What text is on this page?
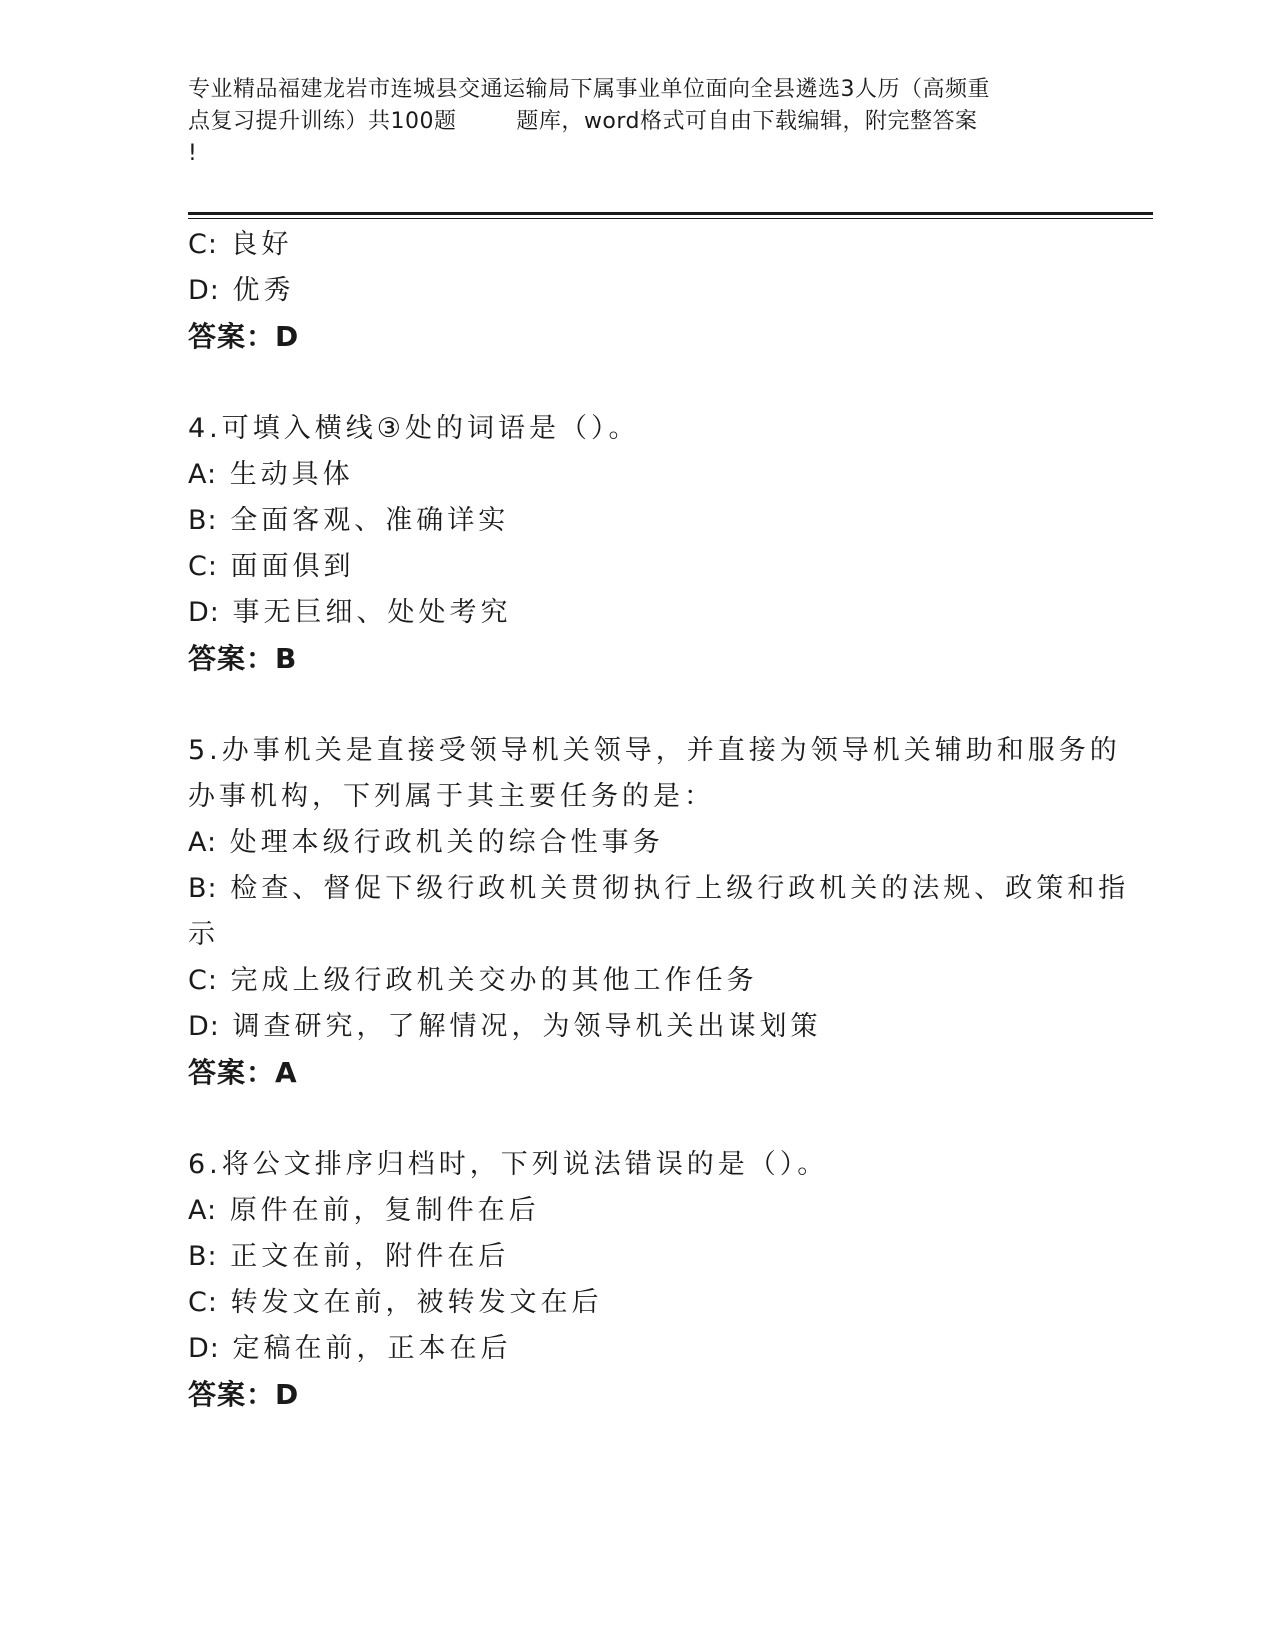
专业精品福建龙岩市连城县交通运输局下属事业单位面向全县遴选3人历（高频重
点复习提升训练）共100题        题库，word格式可自由下载编辑，附完整答案
!
C: 良好
D: 优秀
答案：D
4.可填入横线③处的词语是（）。
A: 生动具体
B: 全面客观、准确详实
C: 面面俱到
D: 事无巨细、处处考究
答案：B
5.办事机关是直接受领导机关领导，并直接为领导机关辅助和服务的
办事机构，下列属于其主要任务的是：
A: 处理本级行政机关的综合性事务
B: 检查、督促下级行政机关贯彻执行上级行政机关的法规、政策和指
示
C: 完成上级行政机关交办的其他工作任务
D: 调查研究，了解情况，为领导机关出谋划策
答案：A
6.将公文排序归档时，下列说法错误的是（）。
A: 原件在前，复制件在后
B: 正文在前，附件在后
C: 转发文在前，被转发文在后
D: 定稿在前，正本在后
答案：D
